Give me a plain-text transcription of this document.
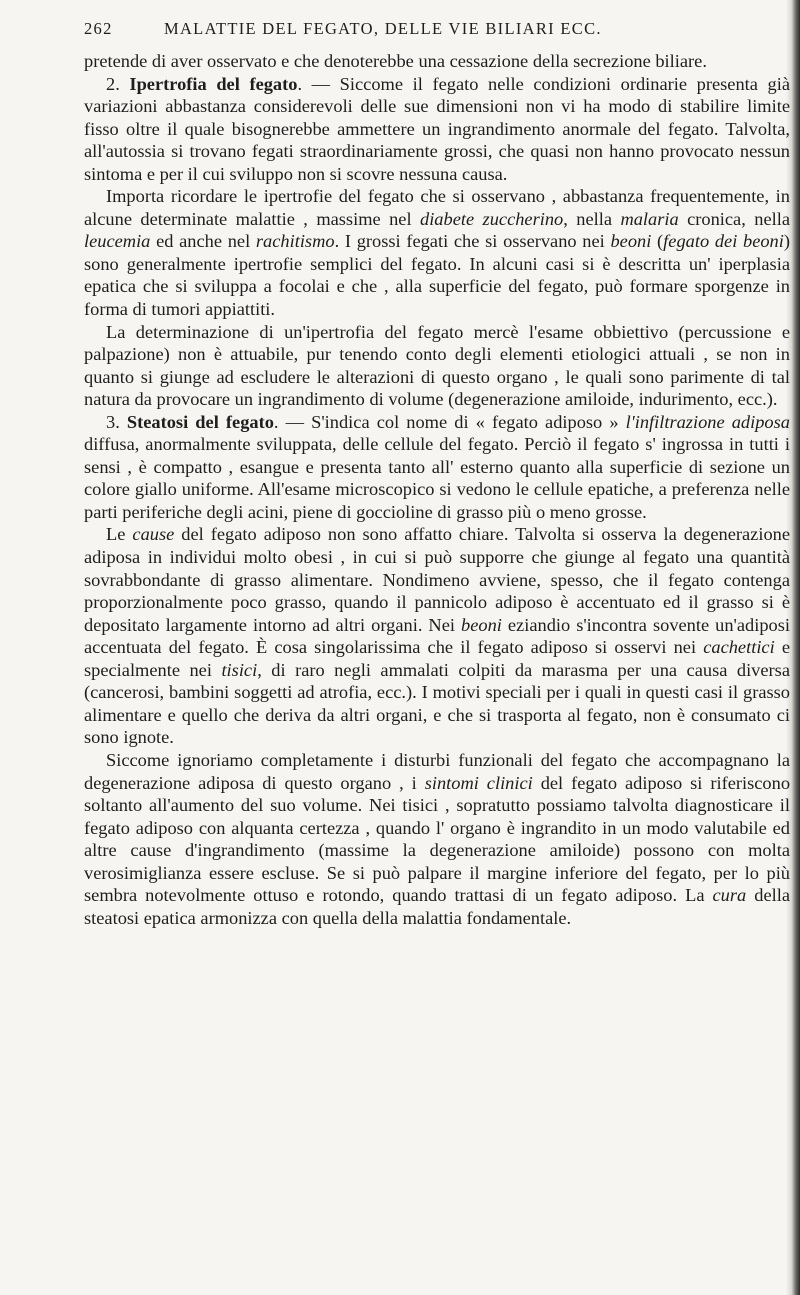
262	MALATTIE DEL FEGATO, DELLE VIE BILIARI ECC.

pretende di aver osservato e che denoterebbe una cessazione della secrezione biliare.

2. Ipertrofia del fegato. — Siccome il fegato nelle condizioni ordinarie presenta già variazioni abbastanza considerevoli delle sue dimensioni non vi ha modo di stabilire limite fisso oltre il quale bisognerebbe ammettere un ingrandimento anormale del fegato. Talvolta, all'autossia si trovano fegati straordinariamente grossi, che quasi non hanno provocato nessun sintoma e per il cui sviluppo non si scovre nessuna causa.

Importa ricordare le ipertrofie del fegato che si osservano , abbastanza frequentemente, in alcune determinate malattie , massime nel diabete zuccherino, nella malaria cronica, nella leucemia ed anche nel rachitismo. I grossi fegati che si osservano nei beoni (fegato dei beoni) sono generalmente ipertrofie semplici del fegato. In alcuni casi si è descritta un' iperplasia epatica che si sviluppa a focolai e che , alla superficie del fegato, può formare sporgenze in forma di tumori appiattiti.

La determinazione di un'ipertrofia del fegato mercè l'esame obbiettivo (percussione e palpazione) non è attuabile, pur tenendo conto degli elementi etiologici attuali , se non in quanto si giunge ad escludere le alterazioni di questo organo , le quali sono parimente di tal natura da provocare un ingrandimento di volume (degenerazione amiloide, indurimento, ecc.).

3. Steatosi del fegato. — S'indica col nome di « fegato adiposo » l'infiltrazione adiposa diffusa, anormalmente sviluppata, delle cellule del fegato. Perciò il fegato s' ingrossa in tutti i sensi , è compatto , esangue e presenta tanto all' esterno quanto alla superficie di sezione un colore giallo uniforme. All'esame microscopico si vedono le cellule epatiche, a preferenza nelle parti periferiche degli acini, piene di goccioline di grasso più o meno grosse.

Le cause del fegato adiposo non sono affatto chiare. Talvolta si osserva la degenerazione adiposa in individui molto obesi , in cui si può supporre che giunge al fegato una quantità sovrabbondante di grasso alimentare. Nondimeno avviene, spesso, che il fegato contenga proporzionalmente poco grasso, quando il pannicolo adiposo è accentuato ed il grasso si è depositato largamente intorno ad altri organi. Nei beoni eziandio s'incontra sovente un'adiposi accentuata del fegato. È cosa singolarissima che il fegato adiposo si osservi nei cachettici e specialmente nei tisici, di raro negli ammalati colpiti da marasma per una causa diversa (cancerosi, bambini soggetti ad atrofia, ecc.). I motivi speciali per i quali in questi casi il grasso alimentare e quello che deriva da altri organi, e che si trasporta al fegato, non è consumato ci sono ignote.

Siccome ignoriamo completamente i disturbi funzionali del fegato che accompagnano la degenerazione adiposa di questo organo , i sintomi clinici del fegato adiposo si riferiscono soltanto all'aumento del suo volume. Nei tisici , sopratutto possiamo talvolta diagnosticare il fegato adiposo con alquanta certezza , quando l' organo è ingrandito in un modo valutabile ed altre cause d'ingrandimento (massime la degenerazione amiloide) possono con molta verosimiglianza essere escluse. Se si può palpare il margine inferiore del fegato, per lo più sembra notevolmente ottuso e rotondo, quando trattasi di un fegato adiposo. La cura della steatosi epatica armonizza con quella della malattia fondamentale.
